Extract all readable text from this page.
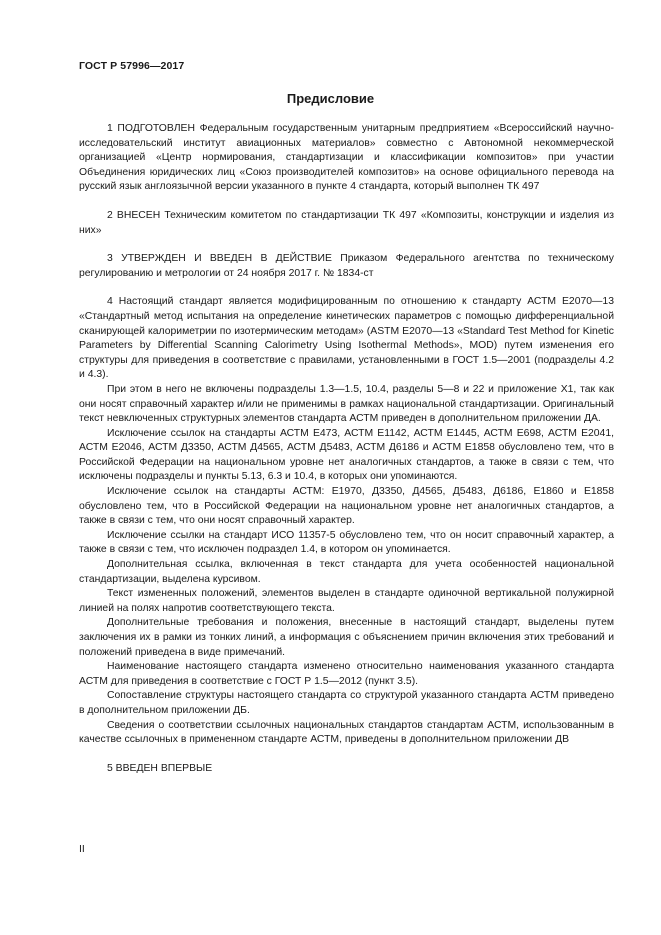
ГОСТ Р 57996—2017
Предисловие

1 ПОДГОТОВЛЕН Федеральным государственным унитарным предприятием «Всероссийский научно-исследовательский институт авиационных материалов» совместно с Автономной некоммерческой организацией «Центр нормирования, стандартизации и классификации композитов» при участии Объединения юридических лиц «Союз производителей композитов» на основе официального перевода на русский язык англоязычной версии указанного в пункте 4 стандарта, который выполнен ТК 497

2 ВНЕСЕН Техническим комитетом по стандартизации ТК 497 «Композиты, конструкции и изделия из них»

3 УТВЕРЖДЕН И ВВЕДЕН В ДЕЙСТВИЕ Приказом Федерального агентства по техническому регулированию и метрологии от 24 ноября 2017 г. № 1834-ст

4 Настоящий стандарт является модифицированным по отношению к стандарту АСТМ Е2070—13 «Стандартный метод испытания на определение кинетических параметров с помощью дифференциальной сканирующей калориметрии по изотермическим методам» (ASTM E2070—13 «Standard Test Method for Kinetic Parameters by Differential Scanning Calorimetry Using Isothermal Methods», MOD) путем изменения его структуры для приведения в соответствие с правилами, установленными в ГОСТ 1.5—2001 (подразделы 4.2 и 4.3).

При этом в него не включены подразделы 1.3—1.5, 10.4, разделы 5—8 и 22 и приложение Х1, так как они носят справочный характер и/или не применимы в рамках национальной стандартизации. Оригинальный текст невключенных структурных элементов стандарта АСТМ приведен в дополнительном приложении ДА.

Исключение ссылок на стандарты АСТМ Е473, АСТМ Е1142, АСТМ Е1445, АСТМ Е698, АСТМ Е2041, АСТМ Е2046, АСТМ Д3350, АСТМ Д4565, АСТМ Д5483, АСТМ Д6186 и АСТМ Е1858 обусловлено тем, что в Российской Федерации на национальном уровне нет аналогичных стандартов, а также в связи с тем, что исключены подразделы и пункты 5.13, 6.3 и 10.4, в которых они упоминаются.

Исключение ссылок на стандарты АСТМ: Е1970, Д3350, Д4565, Д5483, Д6186, Е1860 и Е1858 обусловлено тем, что в Российской Федерации на национальном уровне нет аналогичных стандартов, а также в связи с тем, что они носят справочный характер.

Исключение ссылки на стандарт ИСО 11357-5 обусловлено тем, что он носит справочный характер, а также в связи с тем, что исключен подраздел 1.4, в котором он упоминается.

Дополнительная ссылка, включенная в текст стандарта для учета особенностей национальной стандартизации, выделена курсивом.

Текст измененных положений, элементов выделен в стандарте одиночной вертикальной полужирной линией на полях напротив соответствующего текста.

Дополнительные требования и положения, внесенные в настоящий стандарт, выделены путем заключения их в рамки из тонких линий, а информация с объяснением причин включения этих требований и положений приведена в виде примечаний.

Наименование настоящего стандарта изменено относительно наименования указанного стандарта АСТМ для приведения в соответствие с ГОСТ Р 1.5—2012 (пункт 3.5).

Сопоставление структуры настоящего стандарта со структурой указанного стандарта АСТМ приведено в дополнительном приложении ДБ.

Сведения о соответствии ссылочных национальных стандартов стандартам АСТМ, использованным в качестве ссылочных в примененном стандарте АСТМ, приведены в дополнительном приложении ДВ

5 ВВЕДЕН ВПЕРВЫЕ

II
